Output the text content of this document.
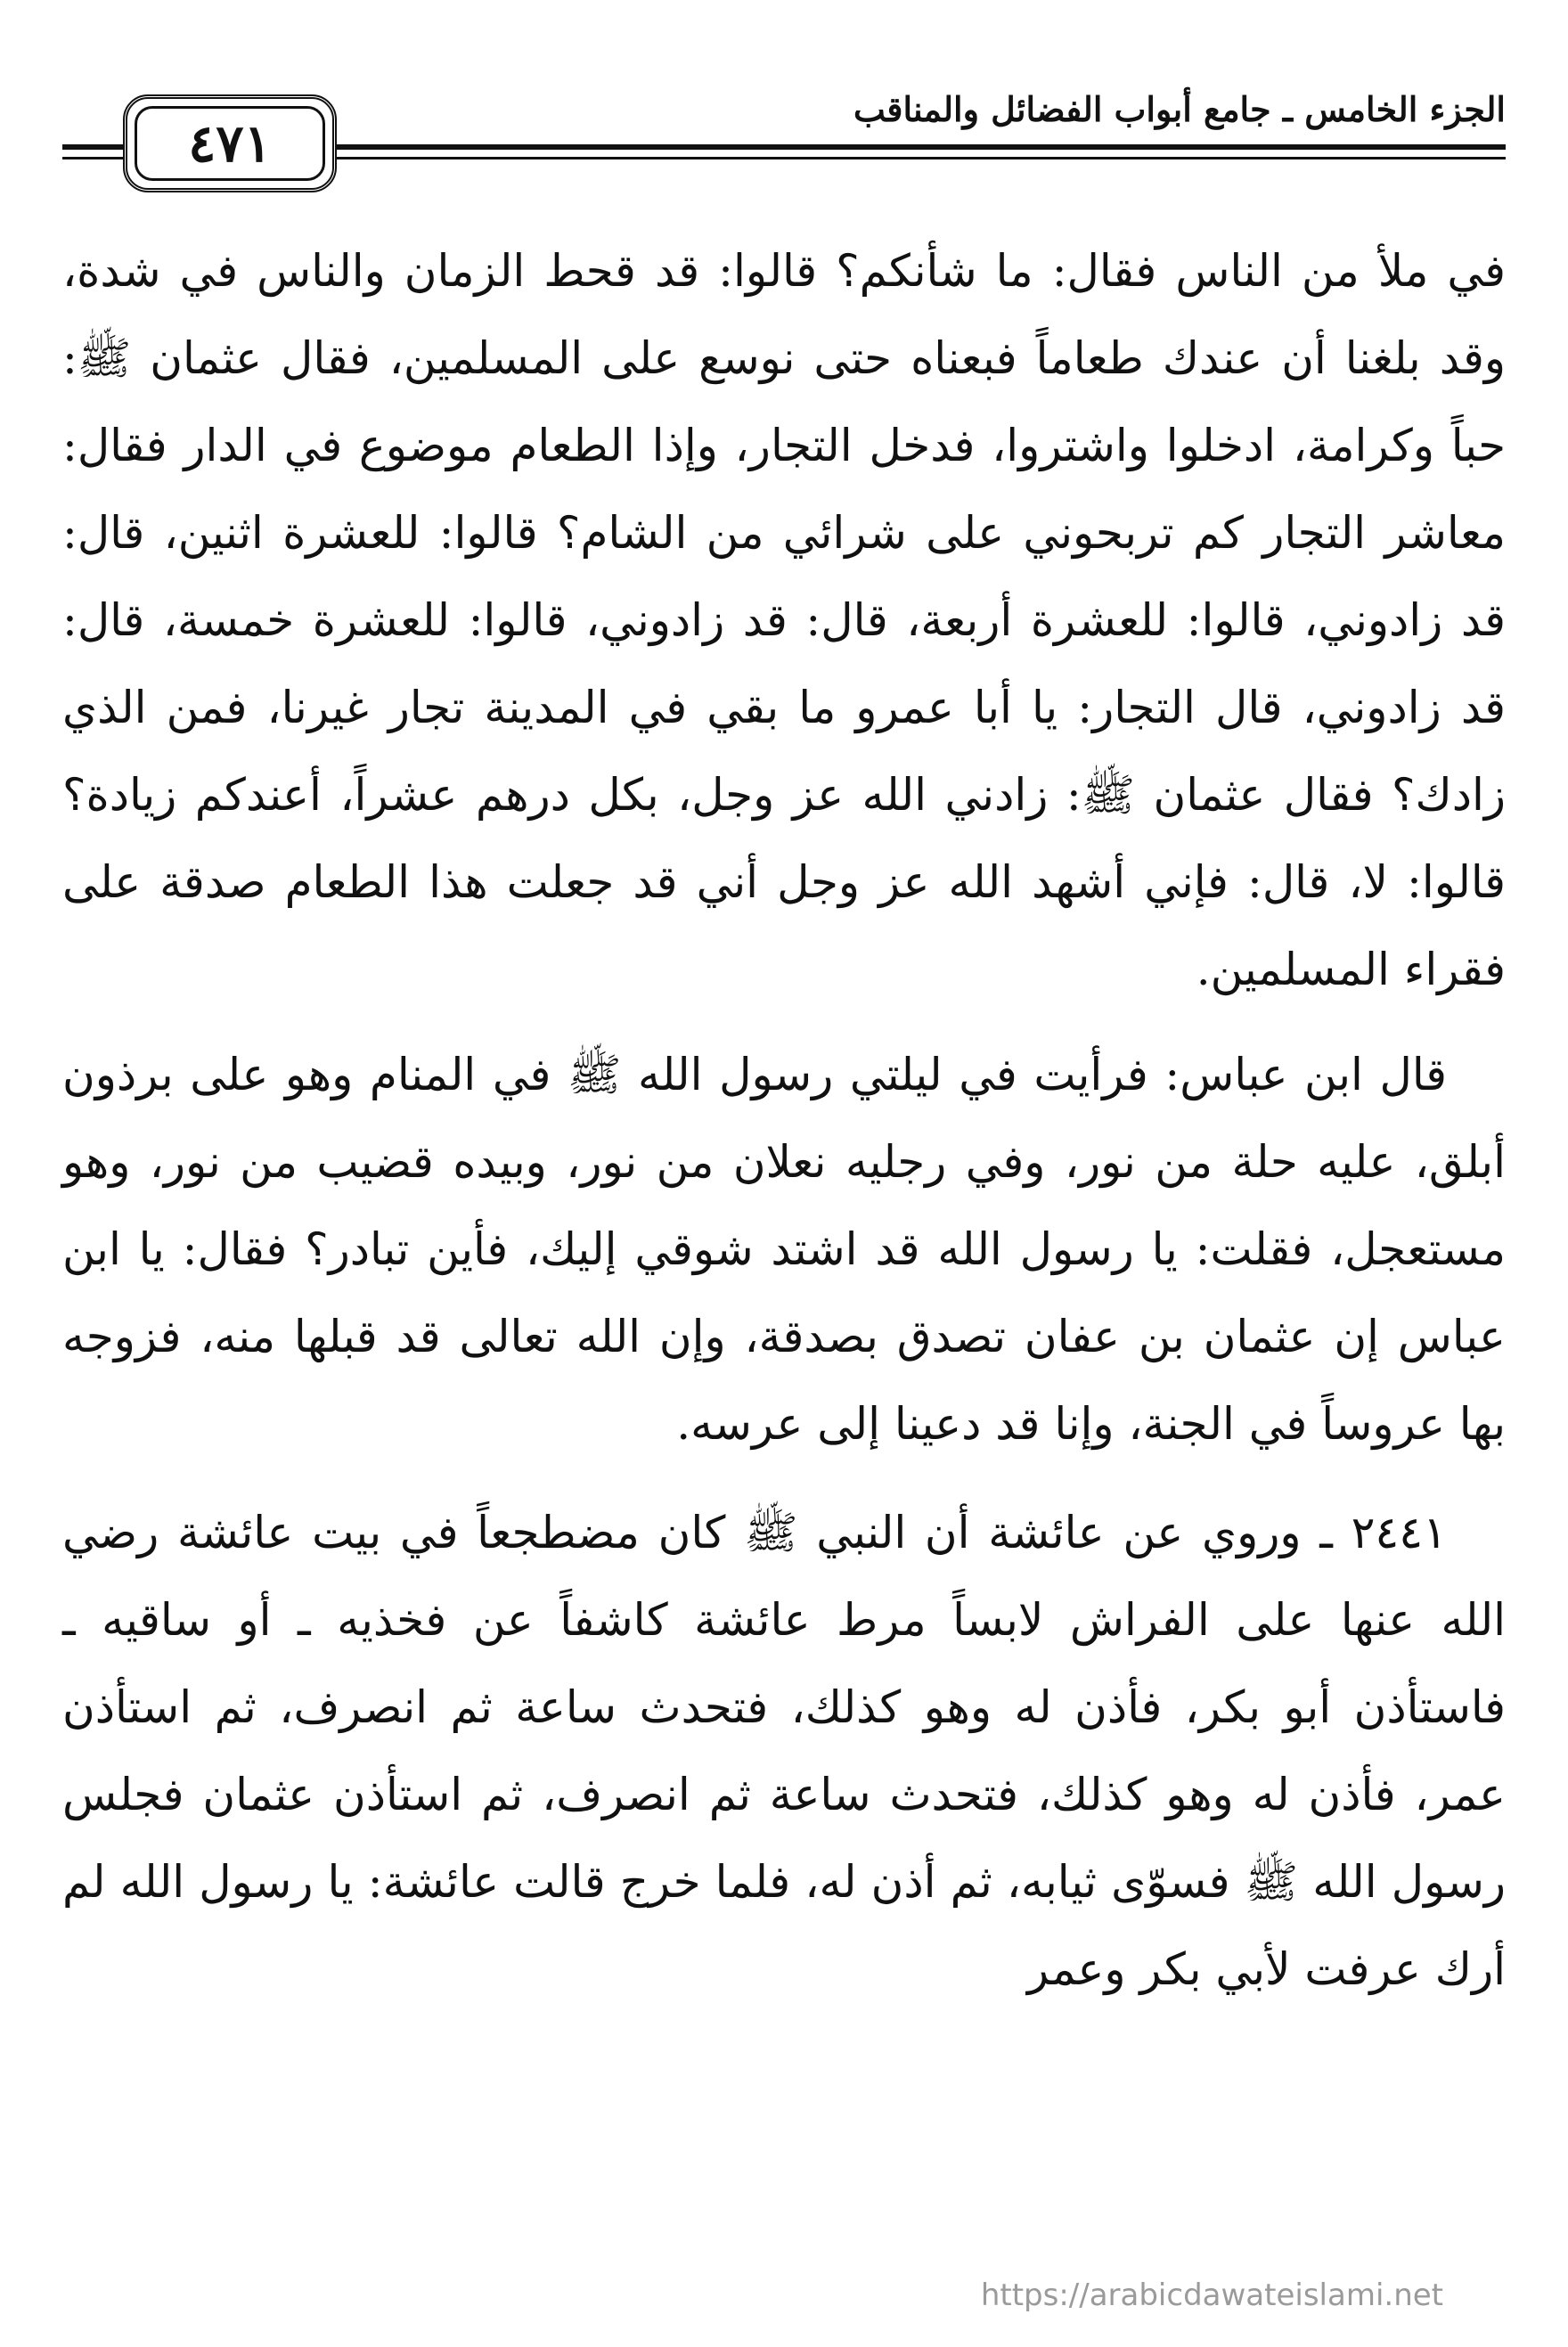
٤٧١
الجزء الخامس ـ جامع أبواب الفضائل والمناقب

في ملأ من الناس فقال: ما شأنكم؟ قالوا: قد قحط الزمان والناس في شدة، وقد بلغنا أن عندك طعاماً فبعناه حتى نوسع على المسلمين، فقال عثمان ﷺ: حباً وكرامة، ادخلوا واشتروا، فدخل التجار، وإذا الطعام موضوع في الدار فقال: معاشر التجار كم تربحوني على شرائي من الشام؟ قالوا: للعشرة اثنين، قال: قد زادوني، قالوا: للعشرة أربعة، قال: قد زادوني، قالوا: للعشرة خمسة، قال: قد زادوني، قال التجار: يا أبا عمرو ما بقي في المدينة تجار غيرنا، فمن الذي زادك؟ فقال عثمان ﷺ: زادني الله عز وجل، بكل درهم عشراً، أعندكم زيادة؟ قالوا: لا، قال: فإني أشهد الله عز وجل أني قد جعلت هذا الطعام صدقة على فقراء المسلمين.

قال ابن عباس: فرأيت في ليلتي رسول الله ﷺ في المنام وهو على برذون أبلق، عليه حلة من نور، وفي رجليه نعلان من نور، وبيده قضيب من نور، وهو مستعجل، فقلت: يا رسول الله قد اشتد شوقي إليك، فأين تبادر؟ فقال: يا ابن عباس إن عثمان بن عفان تصدق بصدقة، وإن الله تعالى قد قبلها منه، فزوجه بها عروساً في الجنة، وإنا قد دعينا إلى عرسه.

٢٤٤١ ـ وروي عن عائشة أن النبي ﷺ كان مضطجعاً في بيت عائشة رضي الله عنها على الفراش لابساً مرط عائشة كاشفاً عن فخذيه ـ أو ساقيه ـ فاستأذن أبو بكر، فأذن له وهو كذلك، فتحدث ساعة ثم انصرف، ثم استأذن عمر، فأذن له وهو كذلك، فتحدث ساعة ثم انصرف، ثم استأذن عثمان فجلس رسول الله ﷺ فسوّى ثيابه، ثم أذن له، فلما خرج قالت عائشة: يا رسول الله لم أرك عرفت لأبي بكر وعمر

https://arabicdawateislami.net
